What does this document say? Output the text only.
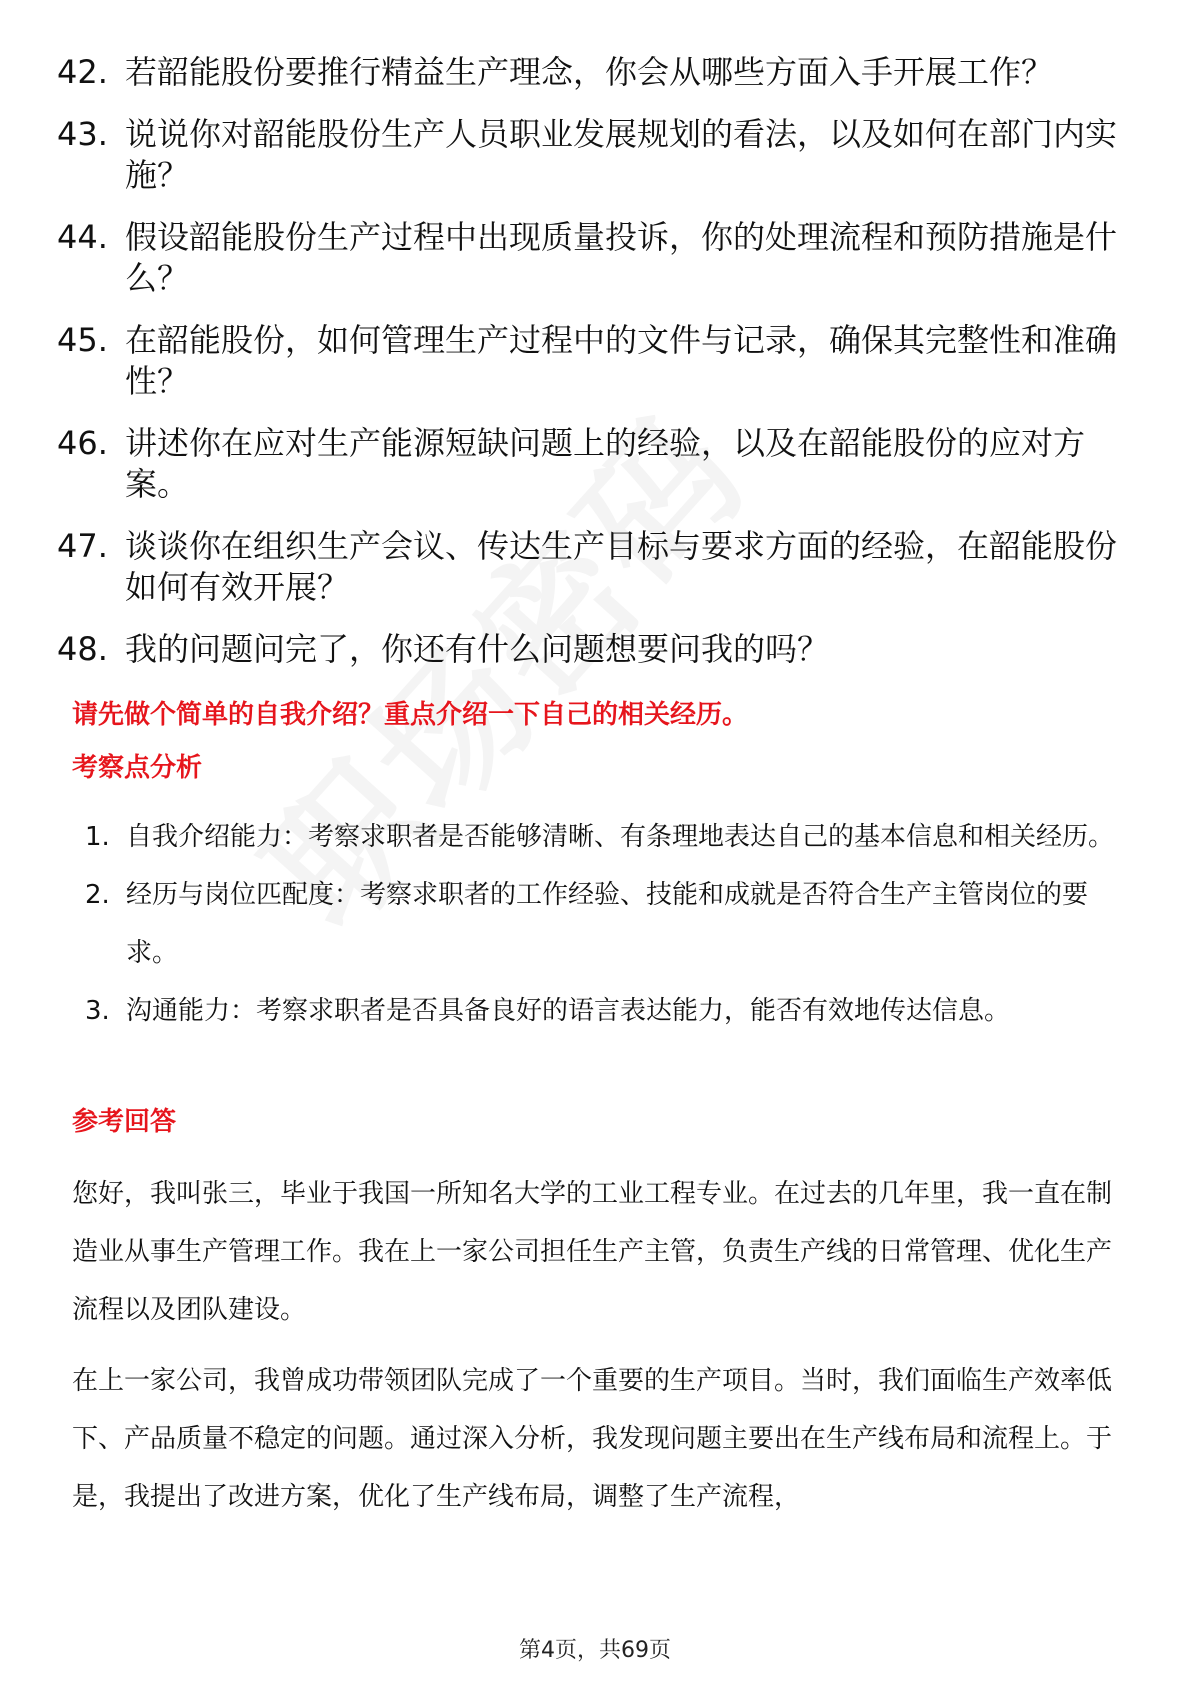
42. 若韶能股份要推行精益生产理念，你会从哪些方面入手开展工作？
43. 说说你对韶能股份生产人员职业发展规划的看法，以及如何在部门内实施？
44. 假设韶能股份生产过程中出现质量投诉，你的处理流程和预防措施是什么？
45. 在韶能股份，如何管理生产过程中的文件与记录，确保其完整性和准确性？
46. 讲述你在应对生产能源短缺问题上的经验，以及在韶能股份的应对方案。
47. 谈谈你在组织生产会议、传达生产目标与要求方面的经验，在韶能股份如何有效开展？
48. 我的问题问完了，你还有什么问题想要问我的吗？
请先做个简单的自我介绍？重点介绍一下自己的相关经历。
考察点分析
1. 自我介绍能力：考察求职者是否能够清晰、有条理地表达自己的基本信息和相关经历。
2. 经历与岗位匹配度：考察求职者的工作经验、技能和成就是否符合生产主管岗位的要求。
3. 沟通能力：考察求职者是否具备良好的语言表达能力，能否有效地传达信息。
参考回答
您好，我叫张三，毕业于我国一所知名大学的工业工程专业。在过去的几年里，我一直在制造业从事生产管理工作。我在上一家公司担任生产主管，负责生产线的日常管理、优化生产流程以及团队建设。
在上一家公司，我曾成功带领团队完成了一个重要的生产项目。当时，我们面临生产效率低下、产品质量不稳定的问题。通过深入分析，我发现问题主要出在生产线布局和流程上。于是，我提出了改进方案，优化了生产线布局，调整了生产流程，
第4页，共69页
